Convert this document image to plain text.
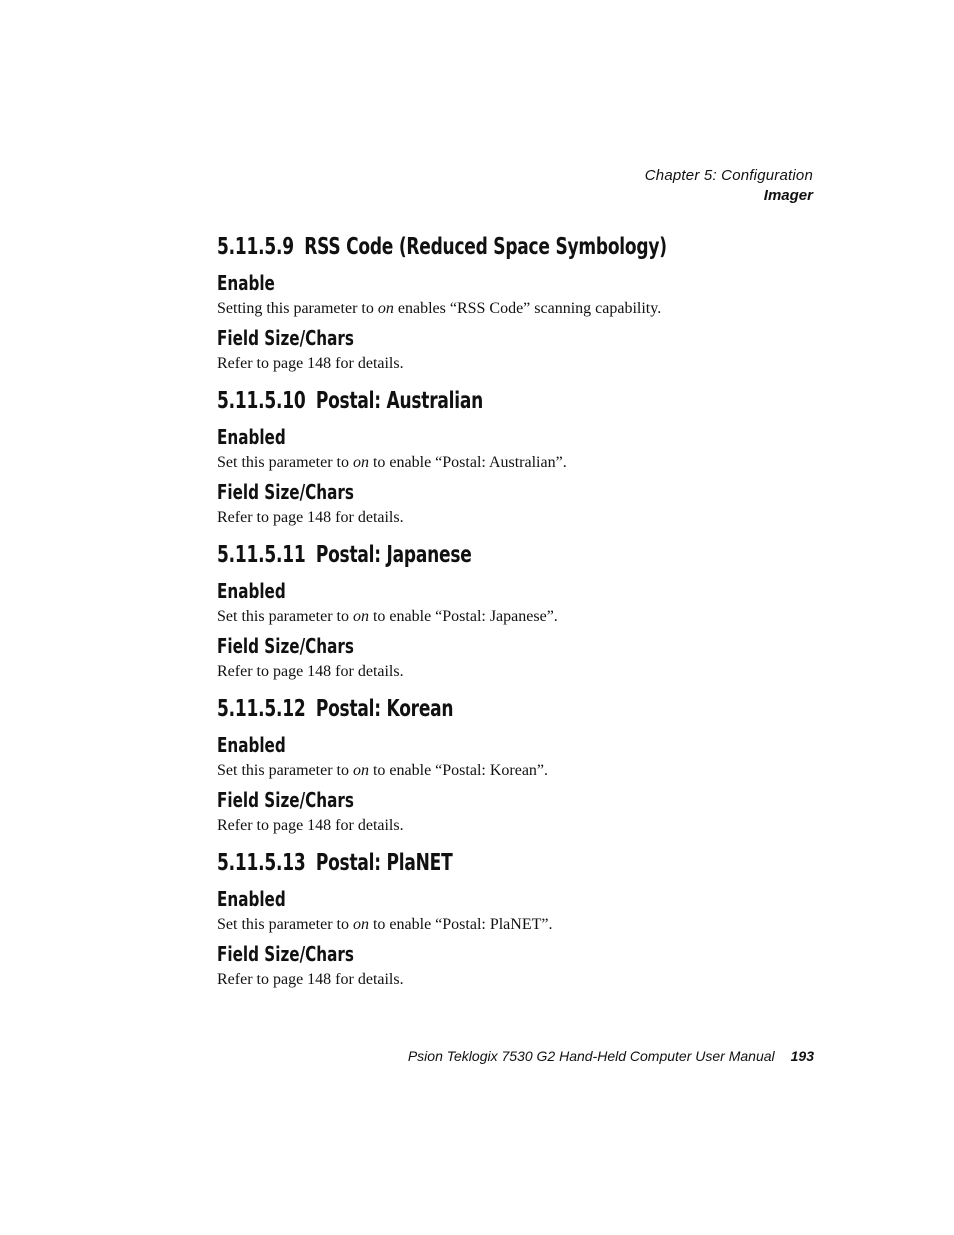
Chapter 5: Configuration
Imager
5.11.5.9 RSS Code (Reduced Space Symbology)
Enable

Setting this parameter to on enables “RSS Code” scanning capability.

Field Size/Chars

Refer to page 148 for details.

5.11.5.10 Postal: Australian
Enabled

Set this parameter to on to enable “Postal: Australian”.

Field Size/Chars

Refer to page 148 for details.

5.11.5.11 Postal: Japanese
Enabled

Set this parameter to on to enable “Postal: Japanese”.

Field Size/Chars

Refer to page 148 for details.

5.11.5.12 Postal: Korean
Enabled

Set this parameter to on to enable “Postal: Korean”.

Field Size/Chars

Refer to page 148 for details.

5.11.5.13 Postal: PlaNET
Enabled

Set this parameter to on to enable “Postal: PlaNET”.

Field Size/Chars

Refer to page 148 for details.

Psion Teklogix 7530 G2 Hand-Held Computer User Manual 193
